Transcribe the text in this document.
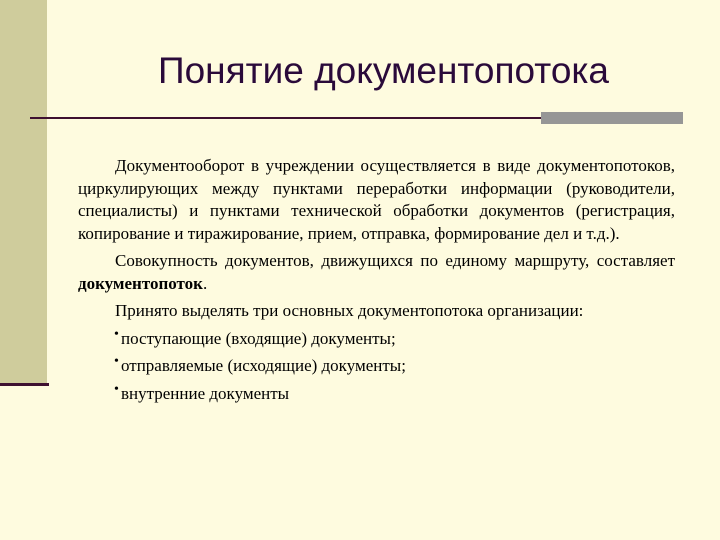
Понятие документопотока

Документооборот в учреждении осуществляется в виде документопотоков, циркулирующих между пунктами переработки информации (руководители, специалисты) и пунктами технической обработки документов (регистрация, копирование и тиражирование, прием, отправка, формирование дел и т.д.).

Совокупность документов, движущихся по единому маршруту, составляет документопоток.

Принято выделять три основных документопотока организации:

• поступающие (входящие) документы;
• отправляемые (исходящие) документы;
• внутренние документы
